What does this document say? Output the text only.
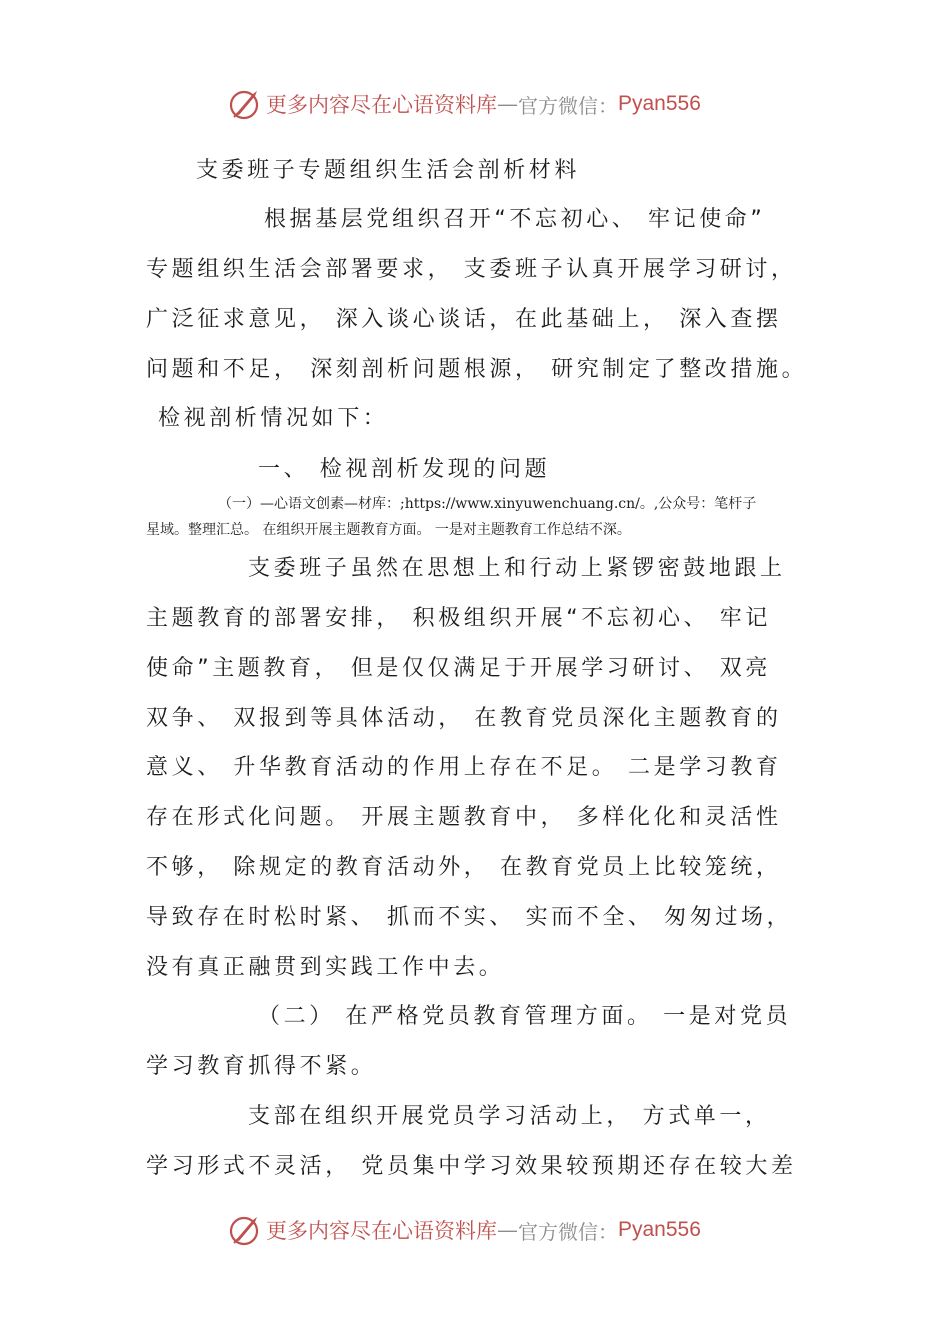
更多内容尽在心语资料库 — 官方微信： Pyan556
支委班子专题组织生活会剖析材料
根据基层党组织召开“不忘初心、 牢记使命”
专题组织生活会部署要求， 支委班子认真开展学习研讨，
广泛征求意见， 深入谈心谈话，在此基础上， 深入查摆
问题和不足， 深刻剖析问题根源， 研究制定了整改措施。
检视剖析情况如下：
一、 检视剖析发现的问题
（一）—心语文创素—材库：;https://www.xinyuwenchuang.cn/。,公众号：笔杆子
星域。整理汇总。 在组织开展主题教育方面。 一是对主题教育工作总结不深。
支委班子虽然在思想上和行动上紧锣密鼓地跟上
主题教育的部署安排， 积极组织开展“不忘初心、 牢记
使命”主题教育， 但是仅仅满足于开展学习研讨、 双亮
双争、 双报到等具体活动， 在教育党员深化主题教育的
意义、 升华教育活动的作用上存在不足。 二是学习教育
存在形式化问题。 开展主题教育中， 多样化化和灵活性
不够， 除规定的教育活动外， 在教育党员上比较笼统，
导致存在时松时紧、 抓而不实、 实而不全、 匆匆过场，
没有真正融贯到实践工作中去。
（二） 在严格党员教育管理方面。 一是对党员
学习教育抓得不紧。
支部在组织开展党员学习活动上， 方式单一，
学习形式不灵活， 党员集中学习效果较预期还存在较大差
更多内容尽在心语资料库 — 官方微信： Pyan556
